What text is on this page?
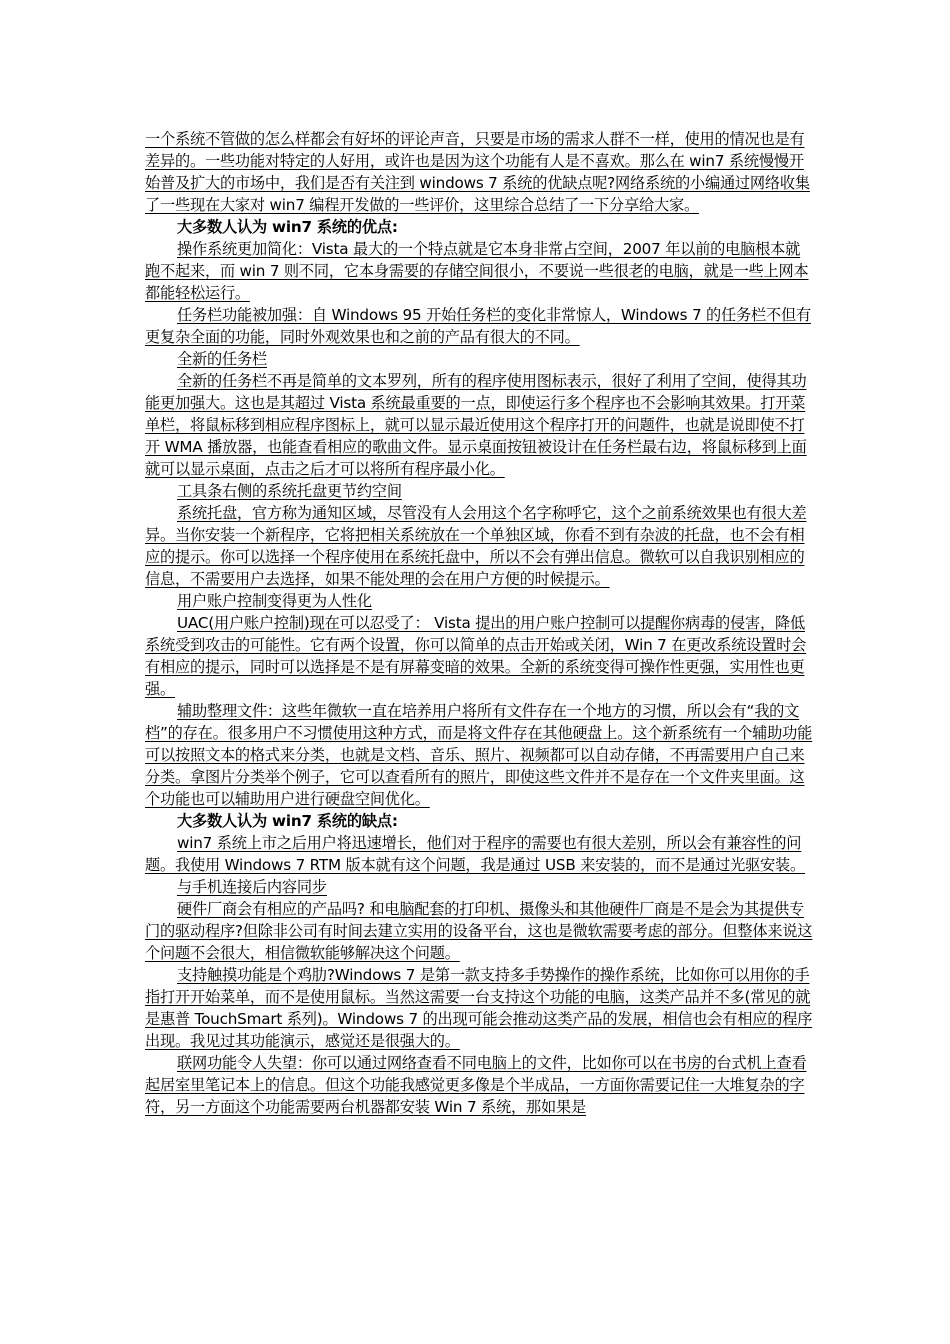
一个系统不管做的怎么样都会有好坏的评论声音，只要是市场的需求人群不一样，使用的情况也是有差异的。一些功能对特定的人好用，或许也是因为这个功能有人是不喜欢。那么在 win7 系统慢慢开始普及扩大的市场中，我们是否有关注到 windows 7 系统的优缺点呢?网络系统的小编通过网络收集了一些现在大家对 win7 编程开发做的一些评价，这里综合总结了一下分享给大家。

大多数人认为 win7 系统的优点:

操作系统更加简化：Vista 最大的一个特点就是它本身非常占空间，2007 年以前的电脑根本就跑不起来，而 win 7 则不同，它本身需要的存储空间很小，不要说一些很老的电脑，就是一些上网本都能轻松运行。

任务栏功能被加强：自 Windows 95 开始任务栏的变化非常惊人，Windows 7 的任务栏不但有更复杂全面的功能，同时外观效果也和之前的产品有很大的不同。

全新的任务栏

全新的任务栏不再是简单的文本罗列，所有的程序使用图标表示，很好了利用了空间，使得其功能更加强大。这也是其超过 Vista 系统最重要的一点，即使运行多个程序也不会影响其效果。打开菜单栏，将鼠标移到相应程序图标上，就可以显示最近使用这个程序打开的问题件，也就是说即使不打开 WMA 播放器，也能查看相应的歌曲文件。显示桌面按钮被设计在任务栏最右边，将鼠标移到上面就可以显示桌面，点击之后才可以将所有程序最小化。

工具条右侧的系统托盘更节约空间

系统托盘，官方称为通知区域，尽管没有人会用这个名字称呼它，这个之前系统效果也有很大差异。当你安装一个新程序，它将把相关系统放在一个单独区域，你看不到有杂波的托盘，也不会有相应的提示。你可以选择一个程序使用在系统托盘中，所以不会有弹出信息。微软可以自我识别相应的信息，不需要用户去选择，如果不能处理的会在用户方便的时候提示。

用户账户控制变得更为人性化

UAC(用户账户控制)现在可以忍受了： Vista 提出的用户账户控制可以提醒你病毒的侵害，降低系统受到攻击的可能性。它有两个设置，你可以简单的点击开始或关闭，Win 7 在更改系统设置时会有相应的提示，同时可以选择是不是有屏幕变暗的效果。全新的系统变得可操作性更强，实用性也更强。

辅助整理文件：这些年微软一直在培养用户将所有文件存在一个地方的习惯，所以会有“我的文档”的存在。很多用户不习惯使用这种方式，而是将文件存在其他硬盘上。这个新系统有一个辅助功能可以按照文本的格式来分类，也就是文档、音乐、照片、视频都可以自动存储，不再需要用户自己来分类。拿图片分类举个例子，它可以查看所有的照片，即使这些文件并不是存在一个文件夹里面。这个功能也可以辅助用户进行硬盘空间优化。

大多数人认为 win7 系统的缺点:

win7 系统上市之后用户将迅速增长，他们对于程序的需要也有很大差别，所以会有兼容性的问题。我使用 Windows 7 RTM 版本就有这个问题，我是通过 USB 来安装的，而不是通过光驱安装。

与手机连接后内容同步

硬件厂商会有相应的产品吗? 和电脑配套的打印机、摄像头和其他硬件厂商是不是会为其提供专门的驱动程序?但除非公司有时间去建立实用的设备平台，这也是微软需要考虑的部分。但整体来说这个问题不会很大，相信微软能够解决这个问题。

支持触摸功能是个鸡肋?Windows 7 是第一款支持多手势操作的操作系统，比如你可以用你的手指打开开始菜单，而不是使用鼠标。当然这需要一台支持这个功能的电脑，这类产品并不多(常见的就是惠普 TouchSmart 系列)。Windows 7 的出现可能会推动这类产品的发展，相信也会有相应的程序出现。我见过其功能演示，感觉还是很强大的。

联网功能令人失望：你可以通过网络查看不同电脑上的文件，比如你可以在书房的台式机上查看起居室里笔记本上的信息。但这个功能我感觉更多像是个半成品，一方面你需要记住一大堆复杂的字符，另一方面这个功能需要两台机器都安装 Win 7 系统，那如果是
